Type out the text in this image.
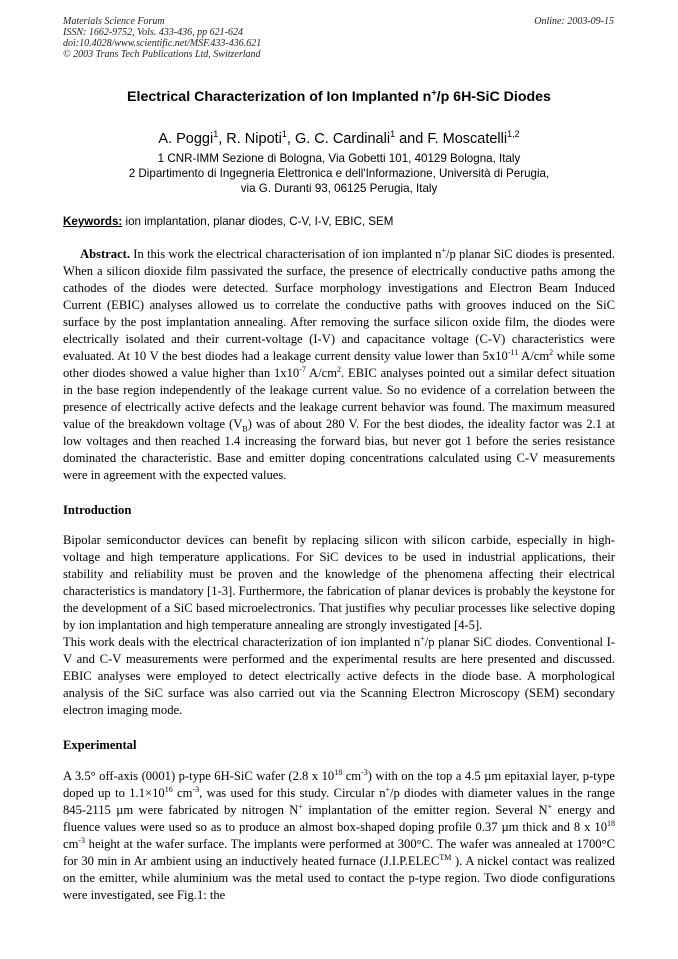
Materials Science Forum
ISSN: 1662-9752, Vols. 433-436, pp 621-624
doi:10.4028/www.scientific.net/MSF.433-436.621
© 2003 Trans Tech Publications Ltd, Switzerland
Online: 2003-09-15
Electrical Characterization of Ion Implanted n+/p 6H-SiC Diodes
A. Poggi$^1$, R. Nipoti$^1$, G. C. Cardinali$^1$ and F. Moscatelli$^{1,2}$
1 CNR-IMM Sezione di Bologna, Via Gobetti 101, 40129 Bologna, Italy
2 Dipartimento di Ingegneria Elettronica e dell'Informazione, Università di Perugia,
via G. Duranti 93, 06125 Perugia, Italy
Keywords: ion implantation, planar diodes, C-V, I-V, EBIC, SEM

Abstract. In this work the electrical characterisation of ion implanted n+/p planar SiC diodes is presented. When a silicon dioxide film passivated the surface, the presence of electrically conductive paths among the cathodes of the diodes were detected. Surface morphology investigations and Electron Beam Induced Current (EBIC) analyses allowed us to correlate the conductive paths with grooves induced on the SiC surface by the post implantation annealing. After removing the surface silicon oxide film, the diodes were electrically isolated and their current-voltage (I-V) and capacitance voltage (C-V) characteristics were evaluated. At 10 V the best diodes had a leakage current density value lower than $5x10^{-11}$ $A/cm^2$ while some other diodes showed a value higher than $1x10^{-7}$ $A/cm^2$. EBIC analyses pointed out a similar defect situation in the base region independently of the leakage current value. So no evidence of a correlation between the presence of electrically active defects and the leakage current behavior was found. The maximum measured value of the breakdown voltage $(V_B)$ was of about 280 V. For the best diodes, the ideality factor was 2.1 at low voltages and then reached 1.4 increasing the forward bias, but never got 1 before the series resistance dominated the characteristic. Base and emitter doping concentrations calculated using C-V measurements were in agreement with the expected values.

Introduction

Bipolar semiconductor devices can benefit by replacing silicon with silicon carbide, especially in high-voltage and high temperature applications. For SiC devices to be used in industrial applications, their stability and reliability must be proven and the knowledge of the phenomena affecting their electrical characteristics is mandatory [1-3]. Furthermore, the fabrication of planar devices is probably the keystone for the development of a SiC based microelectronics. That justifies why peculiar processes like selective doping by ion implantation and high temperature annealing are strongly investigated [4-5].

This work deals with the electrical characterization of ion implanted n+/p planar SiC diodes. Conventional I-V and C-V measurements were performed and the experimental results are here presented and discussed. EBIC analyses were employed to detect electrically active defects in the diode base. A morphological analysis of the SiC surface was also carried out via the Scanning Electron Microscopy (SEM) secondary electron imaging mode.

Experimental

A 3.5° off-axis (0001) p-type 6H-SiC wafer (2.8 x $10^{18}$ $cm^{-3}$) with on the top a 4.5 µm epitaxial layer, p-type doped up to $1.1\times 10^{16}$ $cm^{-3}$, was used for this study. Circular n+/p diodes with diameter values in the range 845-2115 µm were fabricated by nitrogen N+ implantation of the emitter region. Several N+ energy and fluence values were used so as to produce an almost box-shaped doping profile 0.37 µm thick and 8 x $10^{18}$ $cm^{-3}$ height at the wafer surface. The implants were performed at 300°C. The wafer was annealed at 1700°C for 30 min in Ar ambient using an inductively heated furnace (J.I.P.ELEC™ ). A nickel contact was realized on the emitter, while aluminium was the metal used to contact the p-type region. Two diode configurations were investigated, see Fig.1: the
